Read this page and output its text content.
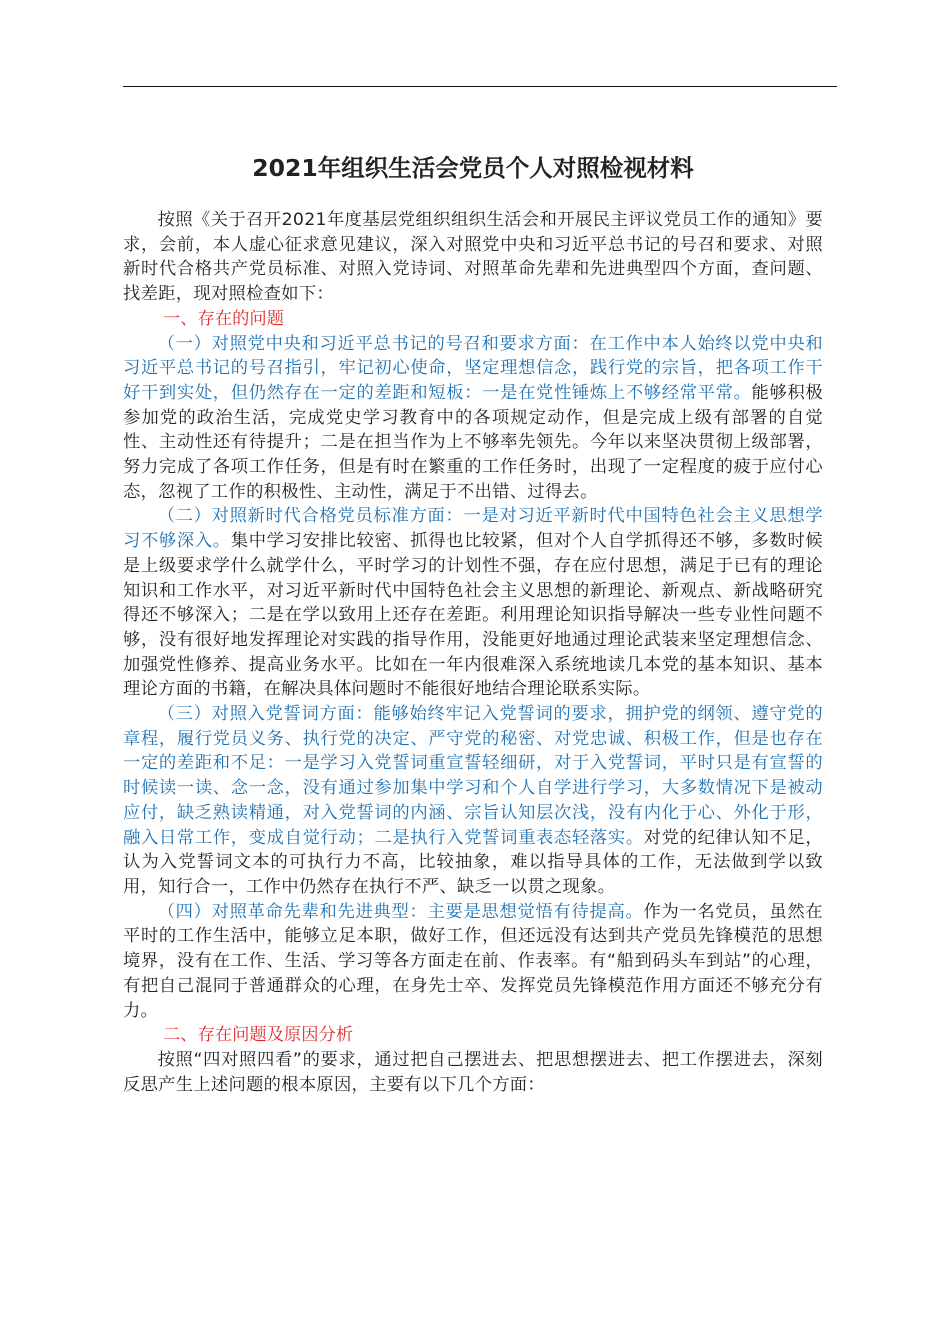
2021年组织生活会党员个人对照检视材料

按照《关于召开2021年度基层党组织组织生活会和开展民主评议党员工作的通知》要求，会前，本人虚心征求意见建议，深入对照党中央和习近平总书记的号召和要求、对照新时代合格共产党员标准、对照入党诗词、对照革命先辈和先进典型四个方面，查问题、找差距，现对照检查如下：

一、存在的问题

（一）对照党中央和习近平总书记的号召和要求方面：在工作中本人始终以党中央和习近平总书记的号召指引，牢记初心使命，坚定理想信念，践行党的宗旨，把各项工作干好干到实处，但仍然存在一定的差距和短板：一是在党性锤炼上不够经常平常。能够积极参加党的政治生活，完成党史学习教育中的各项规定动作，但是完成上级有部署的自觉性、主动性还有待提升；二是在担当作为上不够率先领先。今年以来坚决贯彻上级部署，努力完成了各项工作任务，但是有时在繁重的工作任务时，出现了一定程度的疲于应付心态，忽视了工作的积极性、主动性，满足于不出错、过得去。

（二）对照新时代合格党员标准方面：一是对习近平新时代中国特色社会主义思想学习不够深入。集中学习安排比较密、抓得也比较紧，但对个人自学抓得还不够，多数时候是上级要求学什么就学什么，平时学习的计划性不强，存在应付思想，满足于已有的理论知识和工作水平，对习近平新时代中国特色社会主义思想的新理论、新观点、新战略研究得还不够深入；二是在学以致用上还存在差距。利用理论知识指导解决一些专业性问题不够，没有很好地发挥理论对实践的指导作用，没能更好地通过理论武装来坚定理想信念、加强党性修养、提高业务水平。比如在一年内很难深入系统地读几本党的基本知识、基本理论方面的书籍，在解决具体问题时不能很好地结合理论联系实际。

（三）对照入党誓词方面：能够始终牢记入党誓词的要求，拥护党的纲领、遵守党的章程，履行党员义务、执行党的决定、严守党的秘密、对党忠诚、积极工作，但是也存在一定的差距和不足：一是学习入党誓词重宣誓轻细研，对于入党誓词，平时只是有宣誓的时候读一读、念一念，没有通过参加集中学习和个人自学进行学习，大多数情况下是被动应付，缺乏熟读精通，对入党誓词的内涵、宗旨认知层次浅，没有内化于心、外化于形，融入日常工作，变成自觉行动；二是执行入党誓词重表态轻落实。对党的纪律认知不足，认为入党誓词文本的可执行力不高，比较抽象，难以指导具体的工作，无法做到学以致用，知行合一，工作中仍然存在执行不严、缺乏一以贯之现象。

（四）对照革命先辈和先进典型：主要是思想觉悟有待提高。作为一名党员，虽然在平时的工作生活中，能够立足本职，做好工作，但还远没有达到共产党员先锋模范的思想境界，没有在工作、生活、学习等各方面走在前、作表率。有“船到码头车到站”的心理，有把自己混同于普通群众的心理，在身先士卒、发挥党员先锋模范作用方面还不够充分有力。

二、存在问题及原因分析

按照“四对照四看”的要求，通过把自己摆进去、把思想摆进去、把工作摆进去，深刻反思产生上述问题的根本原因，主要有以下几个方面：
